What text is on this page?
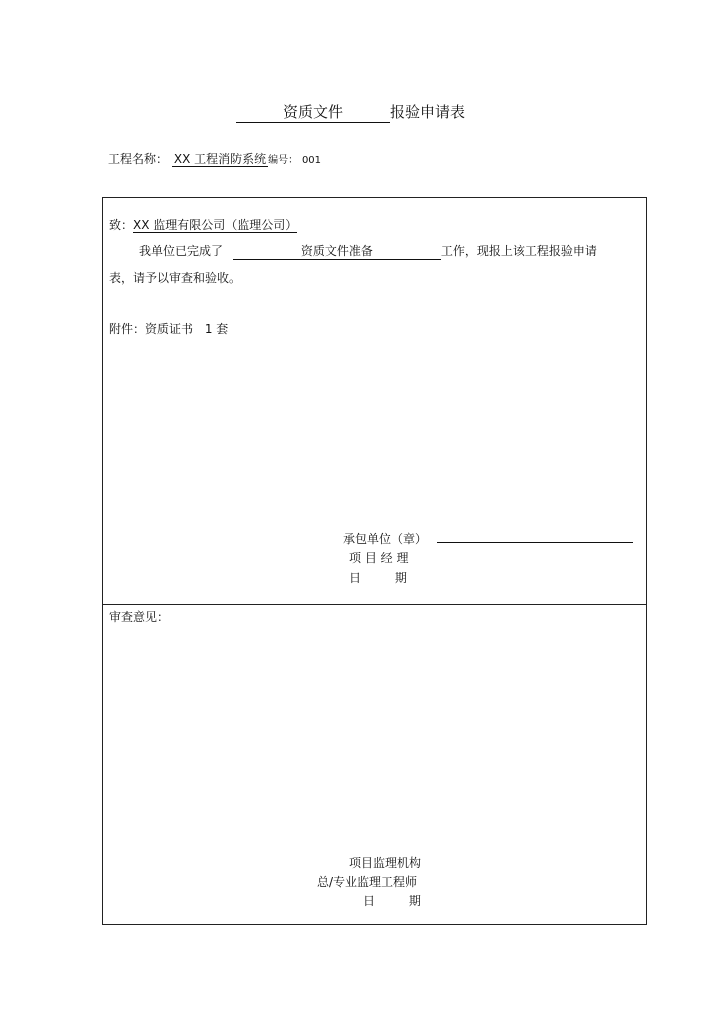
资质文件	报验申请表
工程名称： XX 工程消防系统 编号： 001
致：XX 监理有限公司（监理公司）
我单位已完成了	资质文件准备	工作，现报上该工程报验申请
表，请予以审查和验收。
附件：资质证书 1 套
承包单位（章）
项 目 经 理
日 期
审查意见：
项目监理机构
总/专业监理工程师
日 期
